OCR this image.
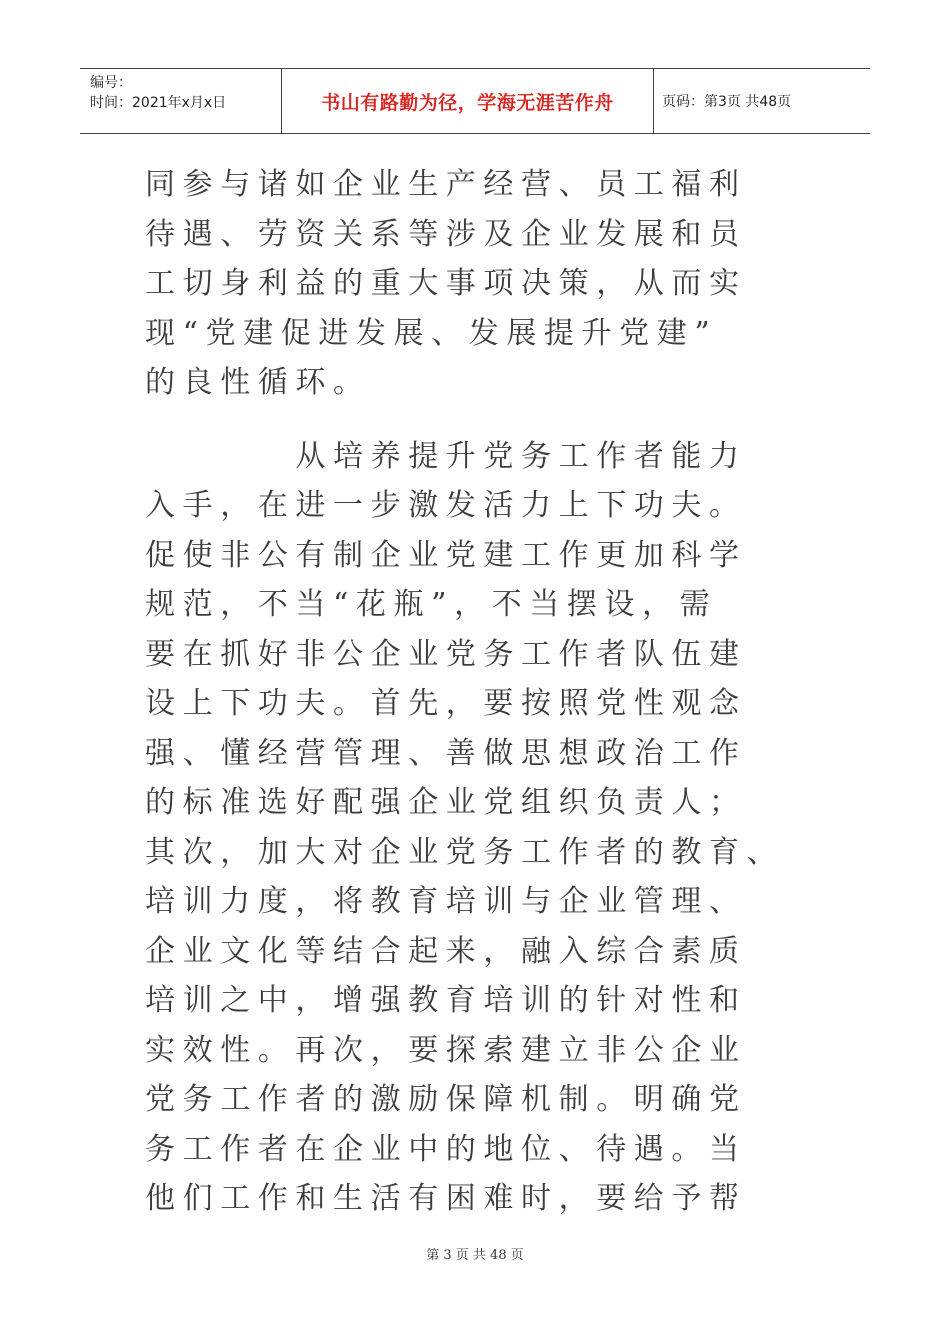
编号：
时间：2021年x月x日	书山有路勤为径，学海无涯苦作舟	页码：第3页 共48页
同参与诸如企业生产经营、员工福利
待遇、劳资关系等涉及企业发展和员
工切身利益的重大事项决策，从而实
现“党建促进发展、发展提升党建”
的良性循环。
　　　　从培养提升党务工作者能力
入手，在进一步激发活力上下功夫。
促使非公有制企业党建工作更加科学
规范，不当“花瓶”，不当摆设，需
要在抓好非公企业党务工作者队伍建
设上下功夫。首先，要按照党性观念
强、懂经营管理、善做思想政治工作
的标准选好配强企业党组织负责人；
其次，加大对企业党务工作者的教育、
培训力度，将教育培训与企业管理、
企业文化等结合起来，融入综合素质
培训之中，增强教育培训的针对性和
实效性。再次，要探索建立非公企业
党务工作者的激励保障机制。明确党
务工作者在企业中的地位、待遇。当
他们工作和生活有困难时，要给予帮
第 3 页 共 48 页
